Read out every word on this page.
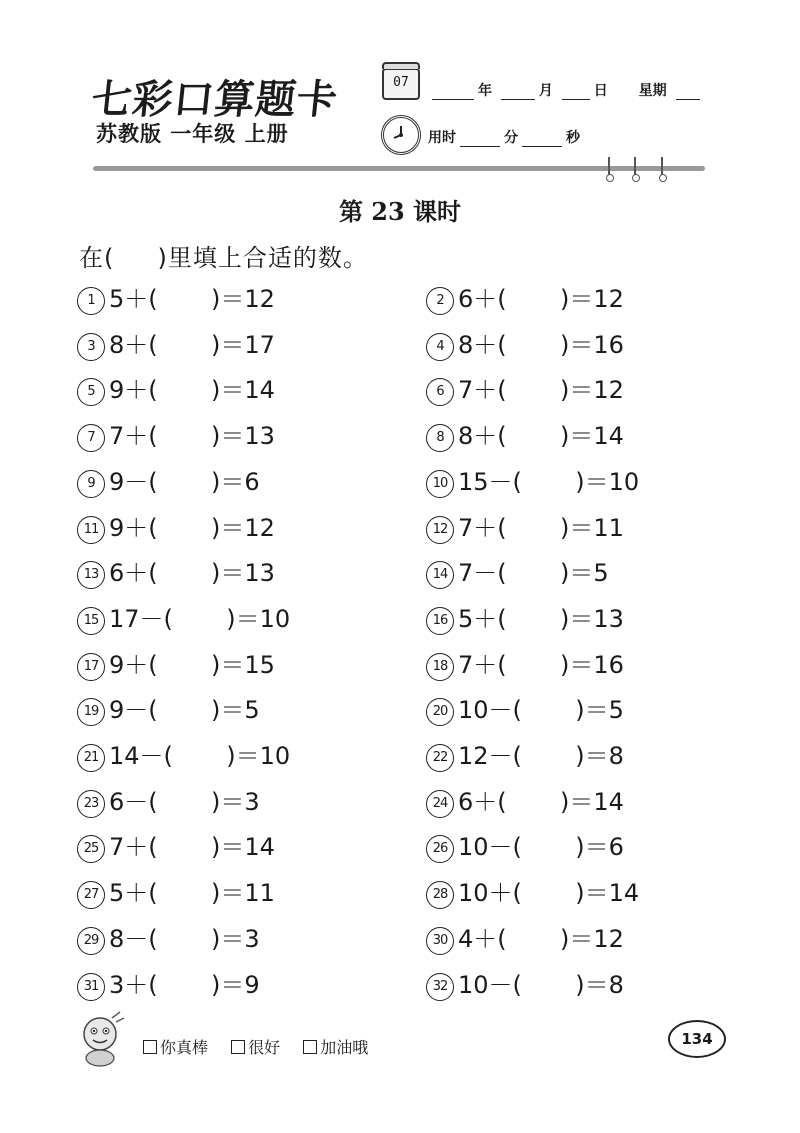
七彩口算题卡
苏教版 一年级 上册
07
年	月	日 星期
用时	分	秒
第 23 课时
在(     )里填上合适的数。
1 5＋(       )＝12	2 6＋(       )＝12
3 8＋(       )＝17	4 8＋(       )＝16
5 9＋(       )＝14	6 7＋(       )＝12
7 7＋(       )＝13	8 8＋(       )＝14
9 9－(       )＝6	10 15－(       )＝10
11 9＋(       )＝12	12 7＋(       )＝11
13 6＋(       )＝13	14 7－(       )＝5
15 17－(       )＝10	16 5＋(       )＝13
17 9＋(       )＝15	18 7＋(       )＝16
19 9－(       )＝5	20 10－(       )＝5
21 14－(       )＝10	22 12－(       )＝8
23 6－(       )＝3	24 6＋(       )＝14
25 7＋(       )＝14	26 10－(       )＝6
27 5＋(       )＝11	28 10＋(       )＝14
29 8－(       )＝3	30 4＋(       )＝12
31 3＋(       )＝9	32 10－(       )＝8
你真棒	很好	加油哦	134
